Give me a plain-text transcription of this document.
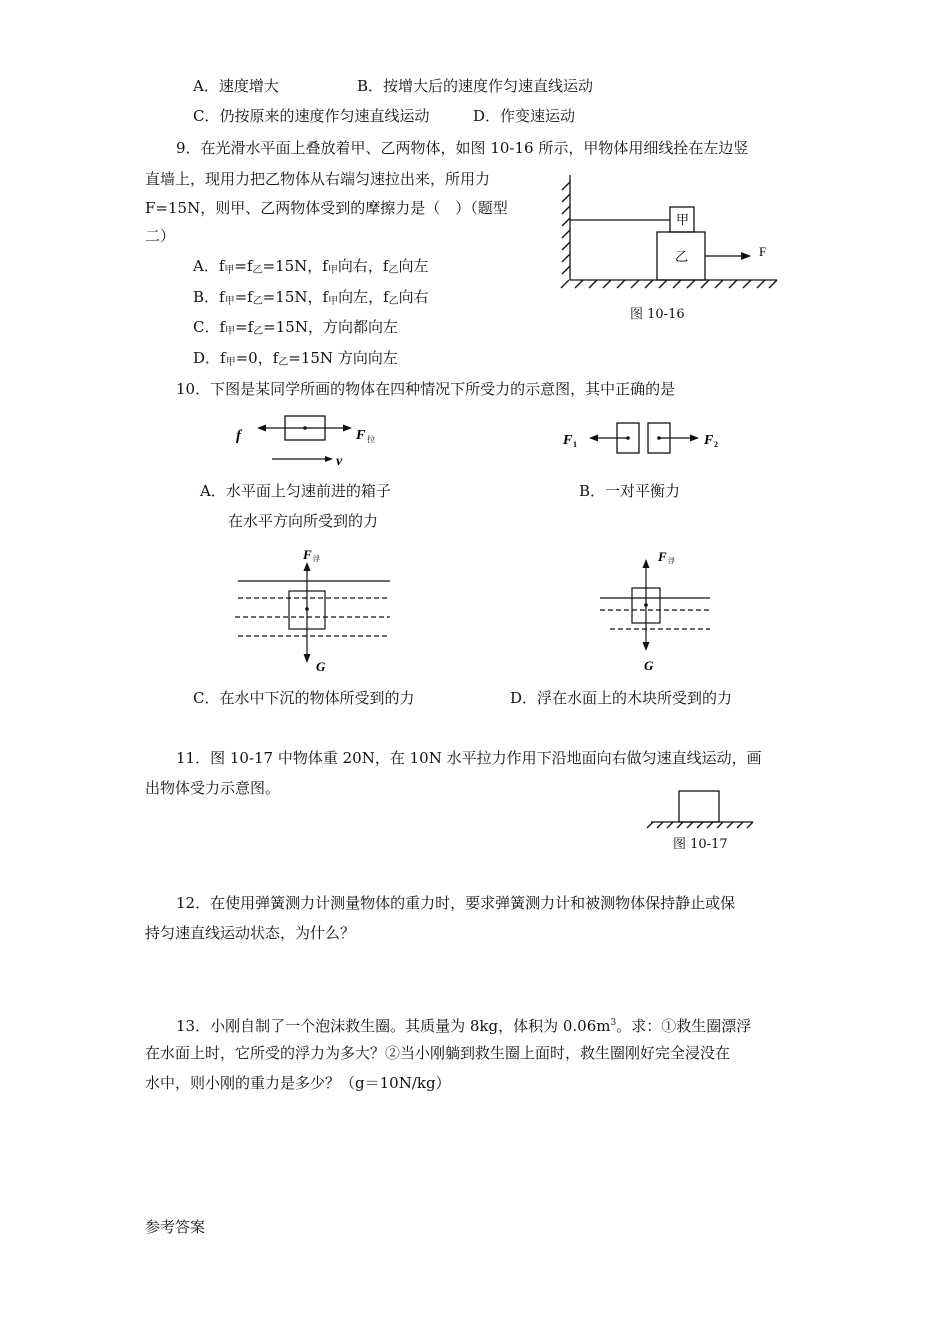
A．速度增大	B．按增大后的速度作匀速直线运动
C．仍按原来的速度作匀速直线运动	D．作变速运动
9．在光滑水平面上叠放着甲、乙两物体，如图 10-16 所示，甲物体用细线拴在左边竖
直墙上，现用力把乙物体从右端匀速拉出来，所用力
F=15N，则甲、乙两物体受到的摩擦力是（　）（题型
二）
A．$f_甲=f_乙=15N$，$f_甲$向右，$f_乙$向左
B．$f_甲=f_乙=15N$，$f_甲$向左，$f_乙$向右
C．$f_甲=f_乙=15N$，方向都向左
D．$f_甲=0$，$f_乙=15N$ 方向向左
甲
乙	F
图 10-16
10．下图是某同学所画的物体在四种情况下所受力的示意图，其中正确的是
f	F 拉
v
F 1	F 2
A．水平面上匀速前进的箱子
在水平方向所受到的力
B．一对平衡力
F 浮
G
F 浮
G
C．在水中下沉的物体所受到的力	D．浮在水面上的木块所受到的力
11．图 10-17 中物体重 20N，在 10N 水平拉力作用下沿地面向右做匀速直线运动，画
出物体受力示意图。
图 10-17
12．在使用弹簧测力计测量物体的重力时，要求弹簧测力计和被测物体保持静止或保
持匀速直线运动状态，为什么？
13．小刚自制了一个泡沫救生圈。其质量为 8kg，体积为 $0.06m^3$。求：①救生圈漂浮
在水面上时，它所受的浮力为多大？②当小刚躺到救生圈上面时，救生圈刚好完全浸没在
水中，则小刚的重力是多少？（g＝10N/kg）
参考答案
